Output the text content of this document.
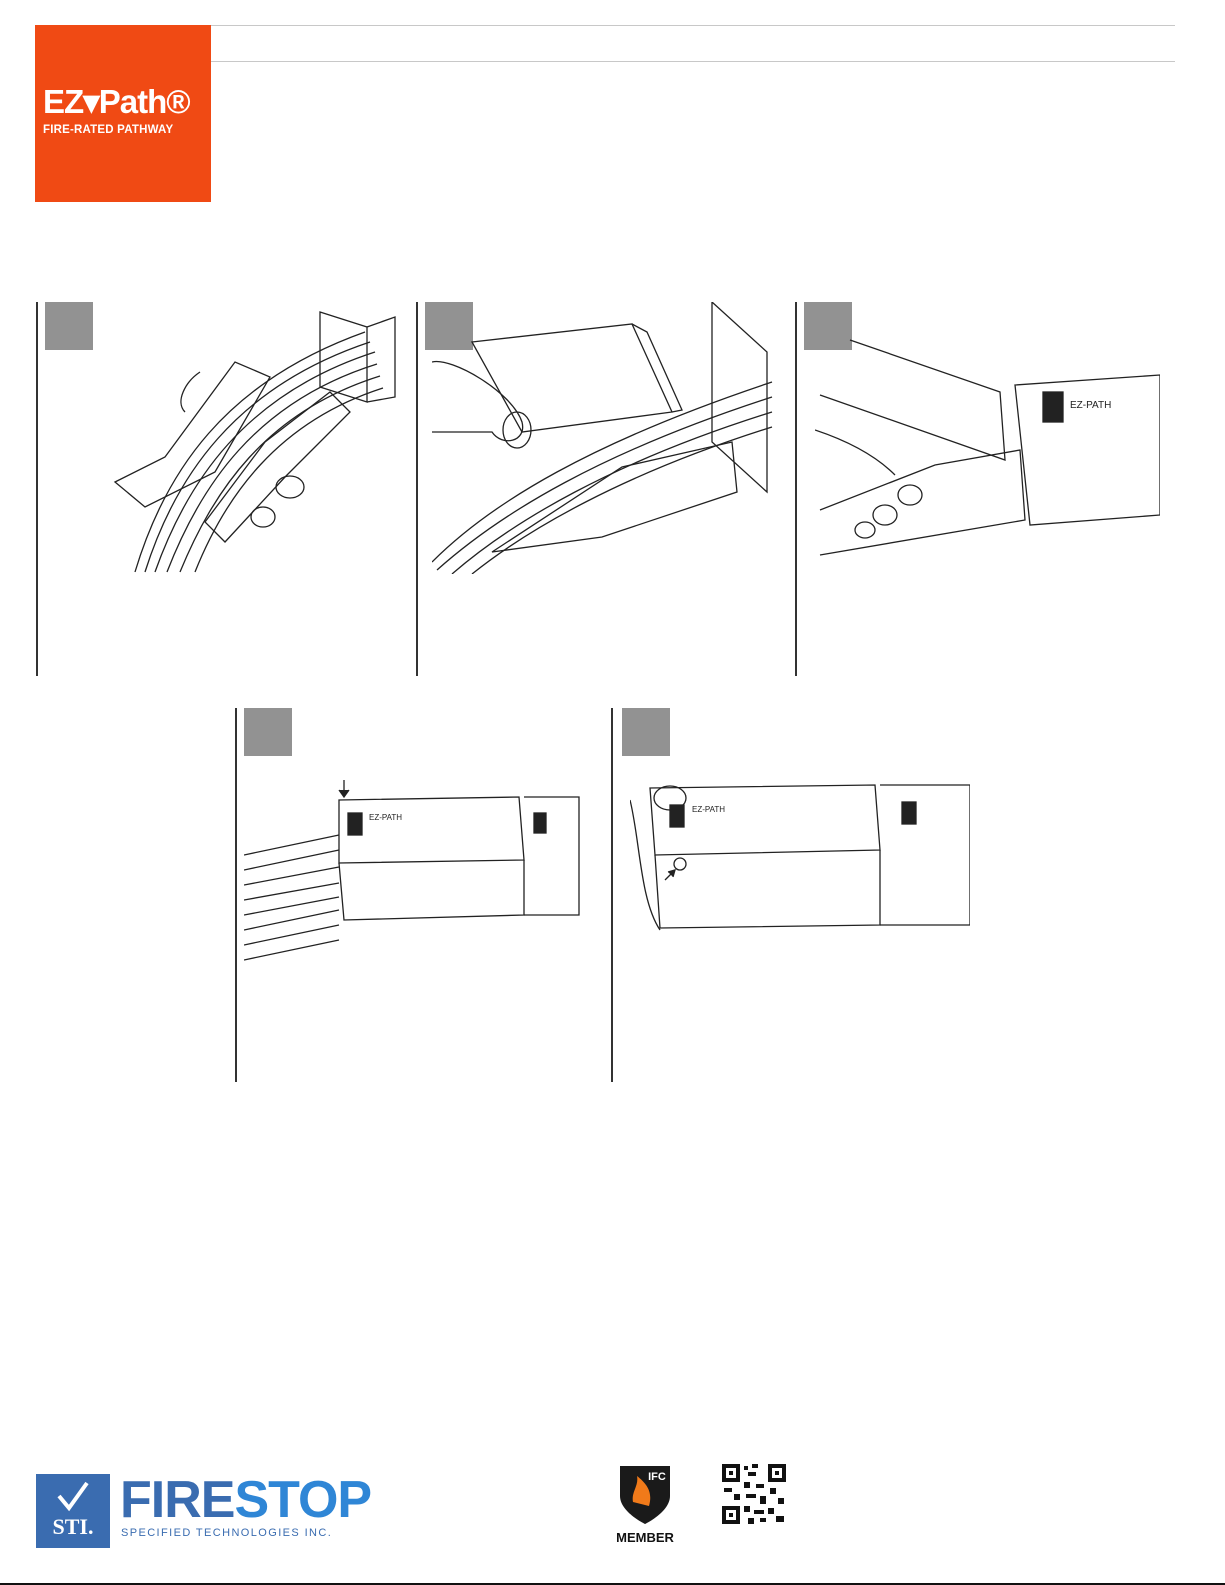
EZ▾Path®
FIRE-RATED PATHWAY
EZ-PATH
EZ-PATH
EZ-PATH
STI. FIRESTOP
SPECIFIED TECHNOLOGIES INC.
IFC
MEMBER
